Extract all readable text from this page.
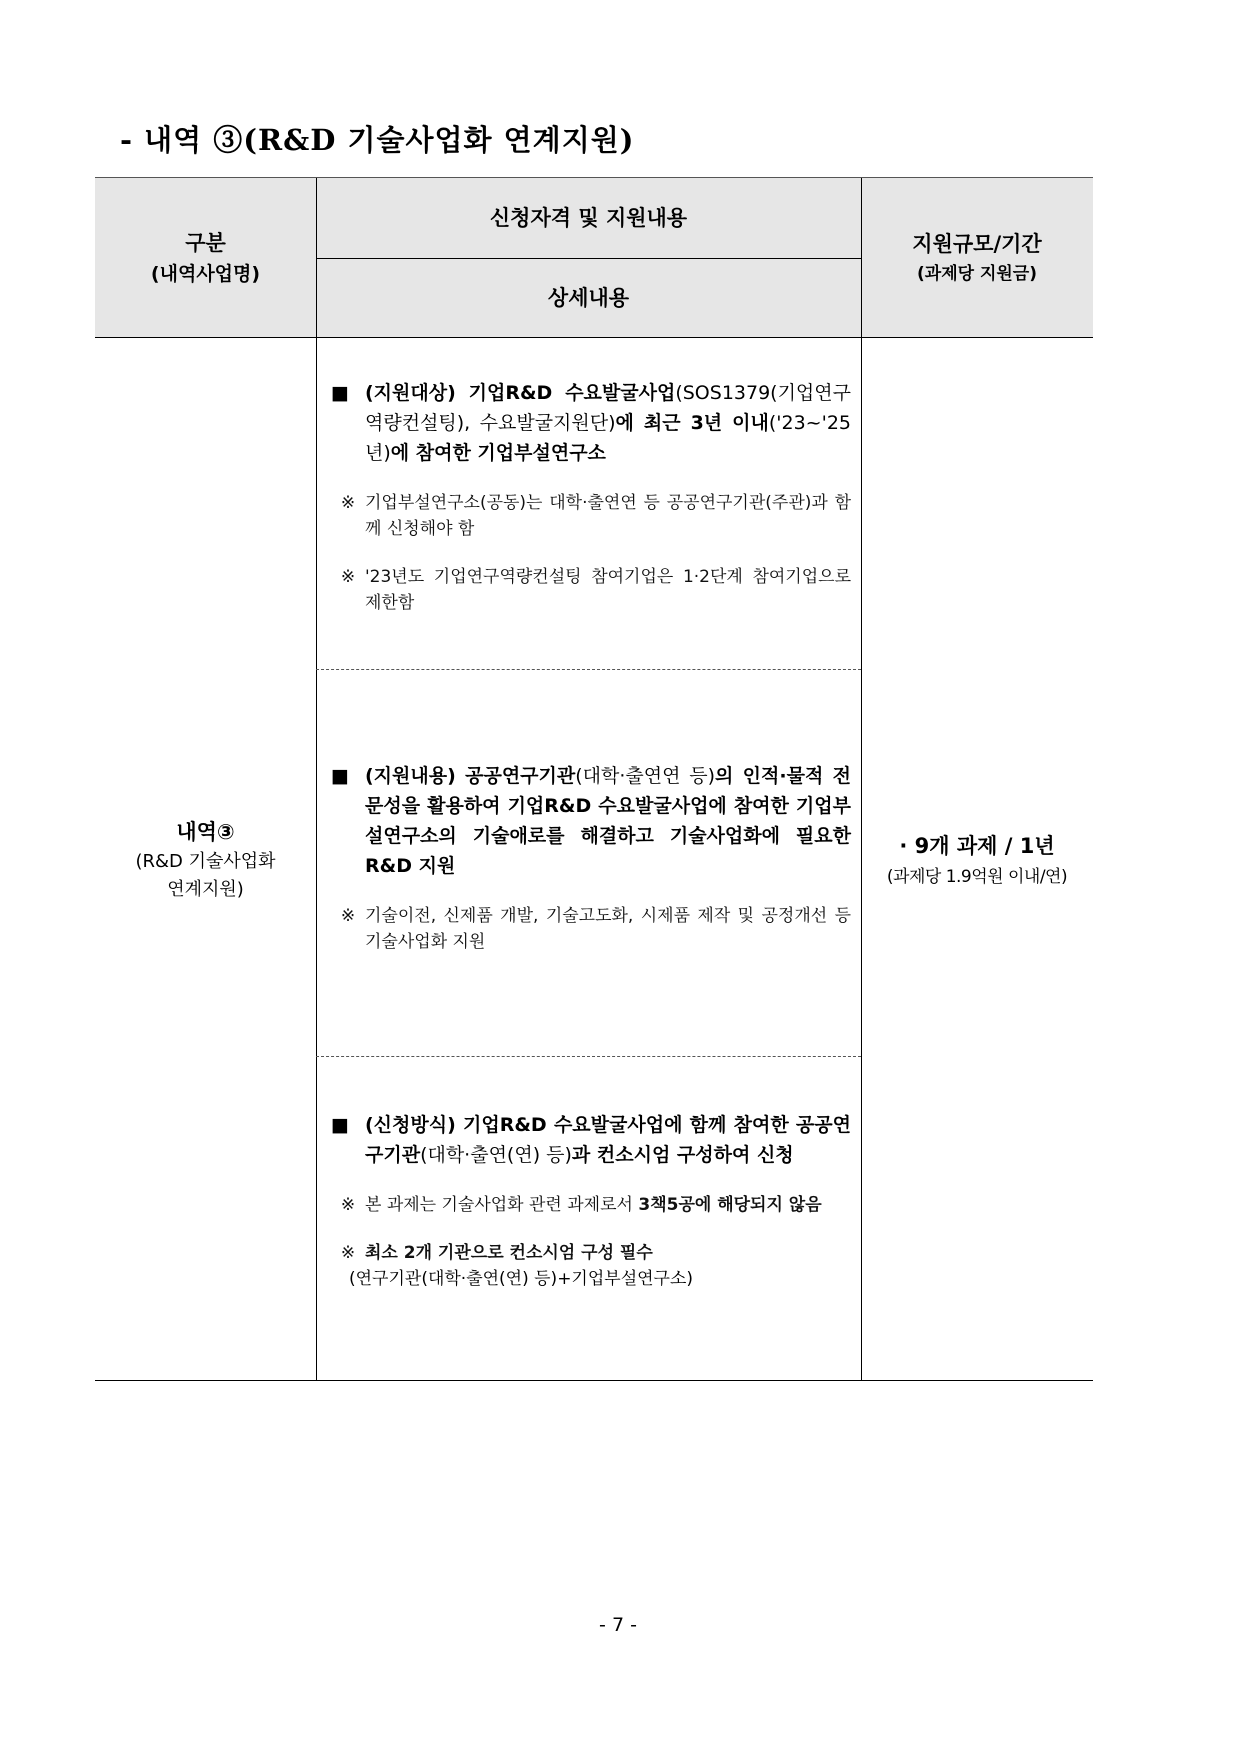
- 내역 ③(R&D 기술사업화 연계지원)
구분
(내역사업명)
신청자격 및 지원내용
상세내용
지원규모/기간
(과제당 지원금)
내역③
(R&D 기술사업화
연계지원)
■ (지원대상) 기업R&D 수요발굴사업(SOS1379(기업연구역량컨설팅), 수요발굴지원단)에 최근 3년 이내('23~'25년)에 참여한 기업부설연구소
※ 기업부설연구소(공동)는 대학·출연연 등 공공연구기관(주관)과 함께 신청해야 함
※ '23년도 기업연구역량컨설팅 참여기업은 1·2단계 참여기업으로 제한함
■ (지원내용) 공공연구기관(대학·출연연 등)의 인적·물적 전문성을 활용하여 기업R&D 수요발굴사업에 참여한 기업부설연구소의 기술애로를 해결하고 기술사업화에 필요한 R&D 지원
※ 기술이전, 신제품 개발, 기술고도화, 시제품 제작 및 공정개선 등 기술사업화 지원
■ (신청방식) 기업R&D 수요발굴사업에 함께 참여한 공공연구기관(대학·출연(연) 등)과 컨소시엄 구성하여 신청
※ 본 과제는 기술사업화 관련 과제로서 3책5공에 해당되지 않음
※ 최소 2개 기관으로 컨소시엄 구성 필수
(연구기관(대학·출연(연) 등)+기업부설연구소)
· 9개 과제 / 1년
(과제당 1.9억원 이내/연)
- 7 -
